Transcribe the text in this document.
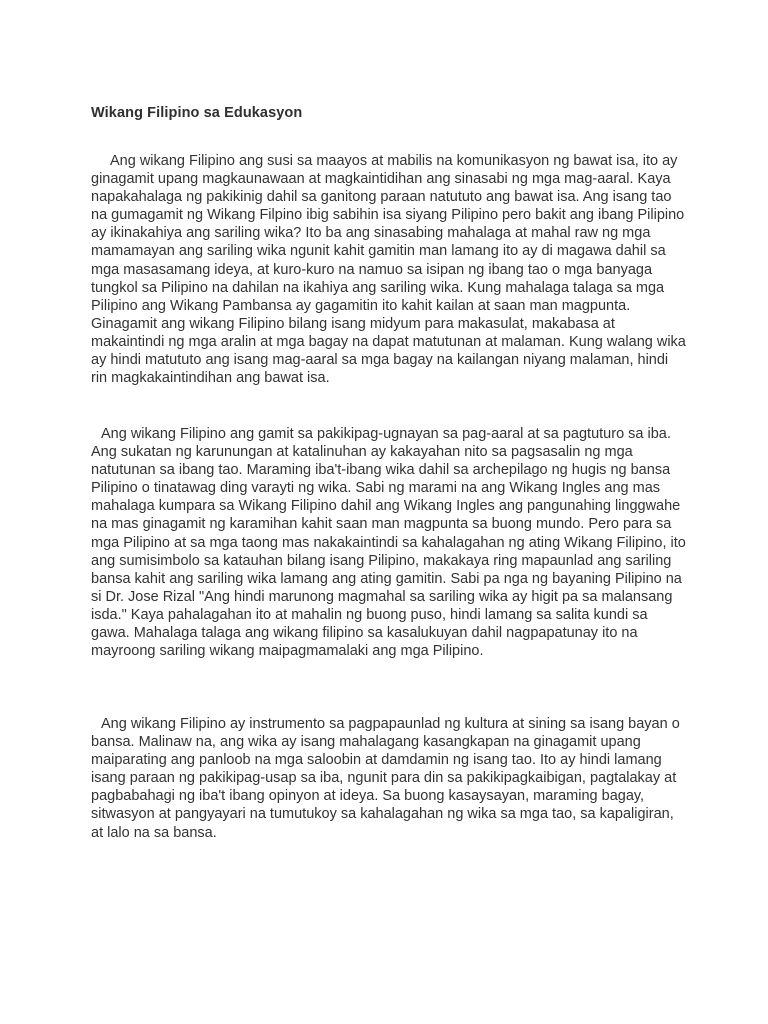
Wikang Filipino sa Edukasyon

Ang wikang Filipino ang susi sa maayos at mabilis na komunikasyon ng bawat isa, ito ay ginagamit upang magkaunawaan at magkaintidihan ang sinasabi ng mga mag-aaral. Kaya napakahalaga ng pakikinig dahil sa ganitong paraan natututo ang bawat isa. Ang isang tao na gumagamit ng Wikang Filpino ibig sabihin isa siyang Pilipino pero bakit ang ibang Pilipino ay ikinakahiya ang sariling wika? Ito ba ang sinasabing mahalaga at mahal raw ng mga mamamayan ang sariling wika ngunit kahit gamitin man lamang ito ay di magawa dahil sa mga masasamang ideya, at kuro-kuro na namuo sa isipan ng ibang tao o mga banyaga tungkol sa Pilipino na dahilan na ikahiya ang sariling wika. Kung mahalaga talaga sa mga Pilipino ang Wikang Pambansa ay gagamitin ito kahit kailan at saan man magpunta. Ginagamit ang wikang Filipino bilang isang midyum para makasulat, makabasa at makaintindi ng mga aralin at mga bagay na dapat matutunan at malaman. Kung walang wika ay hindi matututo ang isang mag-aaral sa mga bagay na kailangan niyang malaman, hindi rin magkakaintindihan ang bawat isa.

Ang wikang Filipino ang gamit sa pakikipag-ugnayan sa pag-aaral at sa pagtuturo sa iba. Ang sukatan ng karunungan at katalinuhan ay kakayahan nito sa pagsasalin ng mga natutunan sa ibang tao. Maraming iba't-ibang wika dahil sa archepilago ng hugis ng bansa Pilipino o tinatawag ding varayti ng wika. Sabi ng marami na ang Wikang Ingles ang mas mahalaga kumpara sa Wikang Filipino dahil ang Wikang Ingles ang pangunahing linggwahe na mas ginagamit ng karamihan kahit saan man magpunta sa buong mundo. Pero para sa mga Pilipino at sa mga taong mas nakakaintindi sa kahalagahan ng ating Wikang Filipino, ito ang sumisimbolo sa katauhan bilang isang Pilipino, makakaya ring mapaunlad ang sariling bansa kahit ang sariling wika lamang ang ating gamitin. Sabi pa nga ng bayaning Pilipino na si Dr. Jose Rizal "Ang hindi marunong magmahal sa sariling wika ay higit pa sa malansang isda." Kaya pahalagahan ito at mahalin ng buong puso, hindi lamang sa salita kundi sa gawa. Mahalaga talaga ang wikang filipino sa kasalukuyan dahil nagpapatunay ito na mayroong sariling wikang maipagmamalaki ang mga Pilipino.

Ang wikang Filipino ay instrumento sa pagpapaunlad ng kultura at sining sa isang bayan o bansa. Malinaw na, ang wika ay isang mahalagang kasangkapan na ginagamit upang maiparating ang panloob na mga saloobin at damdamin ng isang tao. Ito ay hindi lamang isang paraan ng pakikipag-usap sa iba, ngunit para din sa pakikipagkaibigan, pagtalakay at pagbabahagi ng iba't ibang opinyon at ideya. Sa buong kasaysayan, maraming bagay, sitwasyon at pangyayari na tumutukoy sa kahalagahan ng wika sa mga tao, sa kapaligiran, at lalo na sa bansa.
